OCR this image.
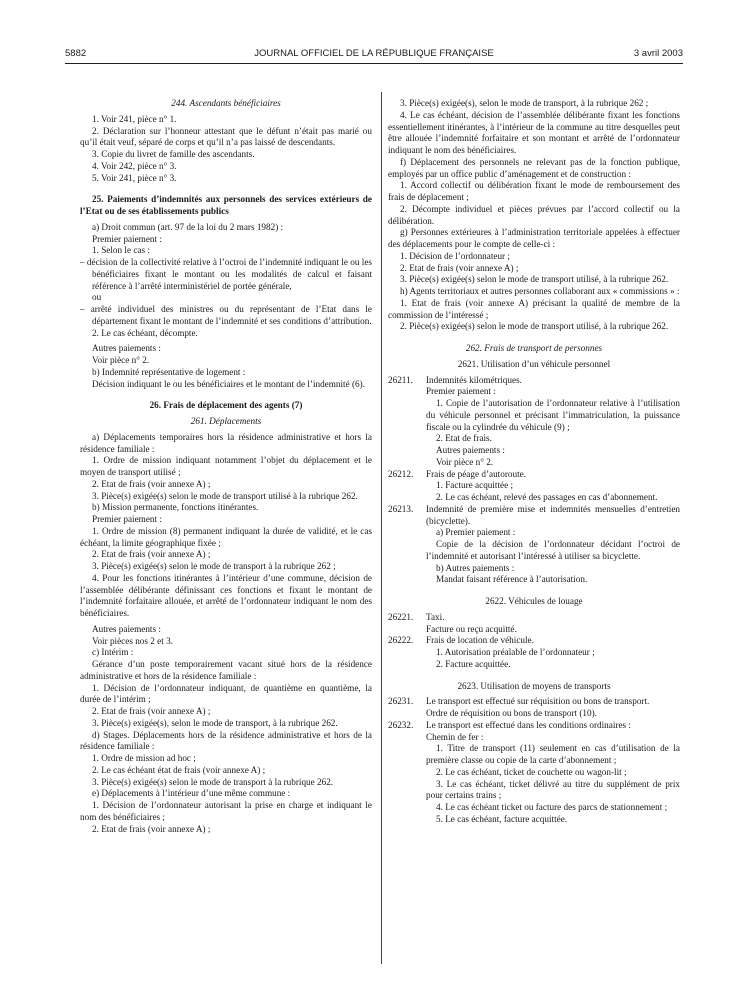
5882	JOURNAL OFFICIEL DE LA RÉPUBLIQUE FRANÇAISE	3 avril 2003

244. Ascendants bénéficiaires

1. Voir 241, pièce n° 1.

2. Déclaration sur l’honneur attestant que le défunt n’était pas marié ou qu’il était veuf, séparé de corps et qu’il n’a pas laissé de descendants.

3. Copie du livret de famille des ascendants.

4. Voir 242, pièce n° 3.

5. Voir 241, pièce n° 3.

25. Paiements d’indemnités aux personnels des services extérieurs de l’Etat ou de ses établissements publics

a) Droit commun (art. 97 de la loi du 2 mars 1982) :

Premier paiement :

1. Selon le cas :

– décision de la collectivité relative à l’octroi de l’indemnité indiquant le ou les bénéficiaires fixant le montant ou les modalités de calcul et faisant référence à l’arrêté interministériel de portée générale,

ou

– arrêté individuel des ministres ou du représentant de l’Etat dans le département fixant le montant de l’indemnité et ses conditions d’attribution.

2. Le cas échéant, décompte.

Autres paiements :

Voir pièce n° 2.

b) Indemnité représentative de logement :

Décision indiquant le ou les bénéficiaires et le montant de l’indemnité (6).

26. Frais de déplacement des agents (7)

261. Déplacements

a) Déplacements temporaires hors la résidence administrative et hors la résidence familiale :

1. Ordre de mission indiquant notamment l’objet du déplacement et le moyen de transport utilisé ;

2. Etat de frais (voir annexe A) ;

3. Pièce(s) exigée(s) selon le mode de transport utilisé à la rubrique 262.

b) Mission permanente, fonctions itinérantes.

Premier paiement :

1. Ordre de mission (8) permanent indiquant la durée de validité, et le cas échéant, la limite géographique fixée ;

2. Etat de frais (voir annexe A) ;

3. Pièce(s) exigée(s) selon le mode de transport à la rubrique 262 ;

4. Pour les fonctions itinérantes à l’intérieur d’une commune, décision de l’assemblée délibérante définissant ces fonctions et fixant le montant de l’indemnité forfaitaire allouée, et arrêté de l’ordonnateur indiquant le nom des bénéficiaires.

Autres paiements :

Voir pièces nos 2 et 3.

c) Intérim :

Gérance d’un poste temporairement vacant situé hors de la résidence administrative et hors de la résidence familiale :

1. Décision de l’ordonnateur indiquant, de quantième en quantième, la durée de l’intérim ;

2. Etat de frais (voir annexe A) ;

3. Pièce(s) exigée(s), selon le mode de transport, à la rubrique 262.

d) Stages. Déplacements hors de la résidence administrative et hors de la résidence familiale :

1. Ordre de mission ad hoc ;

2. Le cas échéant état de frais (voir annexe A) ;

3. Pièce(s) exigée(s) selon le mode de transport à la rubrique 262.

e) Déplacements à l’intérieur d’une même commune :

1. Décision de l’ordonnateur autorisant la prise en charge et indiquant le nom des bénéficiaires ;

2. Etat de frais (voir annexe A) ;

3. Pièce(s) exigée(s), selon le mode de transport, à la rubrique 262 ;

4. Le cas échéant, décision de l’assemblée délibérante fixant les fonctions essentiellement itinérantes, à l’intérieur de la commune au titre desquelles peut être allouée l’indemnité forfaitaire et son montant et arrêté de l’ordonnateur indiquant le nom des bénéficiaires.

f) Déplacement des personnels ne relevant pas de la fonction publique, employés par un office public d’aménagement et de construction :

1. Accord collectif ou délibération fixant le mode de remboursement des frais de déplacement ;

2. Décompte individuel et pièces prévues par l’accord collectif ou la délibération.

g) Personnes extérieures à l’administration territoriale appelées à effectuer des déplacements pour le compte de celle-ci :

1. Décision de l’ordonnateur ;

2. Etat de frais (voir annexe A) ;

3. Pièce(s) exigée(s) selon le mode de transport utilisé, à la rubrique 262.

h) Agents territoriaux et autres personnes collaborant aux « commissions » :

1. Etat de frais (voir annexe A) précisant la qualité de membre de la commission de l’intéressé ;

2. Pièce(s) exigée(s) selon le mode de transport utilisé, à la rubrique 262.

262. Frais de transport de personnes

2621. Utilisation d’un véhicule personnel

26211. Indemnités kilométriques.

Premier paiement :

1. Copie de l’autorisation de l’ordonnateur relative à l’utilisation du véhicule personnel et précisant l’immatriculation, la puissance fiscale ou la cylindrée du véhicule (9) ;

2. Etat de frais.

Autres paiements :

Voir pièce n° 2.

26212. Frais de péage d’autoroute.

1. Facture acquittée ;

2. Le cas échéant, relevé des passages en cas d’abonnement.

26213. Indemnité de première mise et indemnités mensuelles d’entretien (bicyclette).

a) Premier paiement :

Copie de la décision de l’ordonnateur décidant l’octroi de l’indemnité et autorisant l’intéressé à utiliser sa bicyclette.

b) Autres paiements :

Mandat faisant référence à l’autorisation.

2622. Véhicules de louage

26221. Taxi.

Facture ou reçu acquitté.

26222. Frais de location de véhicule.

1. Autorisation préalable de l’ordonnateur ;

2. Facture acquittée.

2623. Utilisation de moyens de transports

26231. Le transport est effectué sur réquisition ou bons de transport.

Ordre de réquisition ou bons de transport (10).

26232. Le transport est effectué dans les conditions ordinaires :

Chemin de fer :

1. Titre de transport (11) seulement en cas d’utilisation de la première classe ou copie de la carte d’abonnement ;

2. Le cas échéant, ticket de couchette ou wagon-lit ;

3. Le cas échéant, ticket délivré au titre du supplément de prix pour certains trains ;

4. Le cas échéant ticket ou facture des parcs de stationnement ;

5. Le cas échéant, facture acquittée.
